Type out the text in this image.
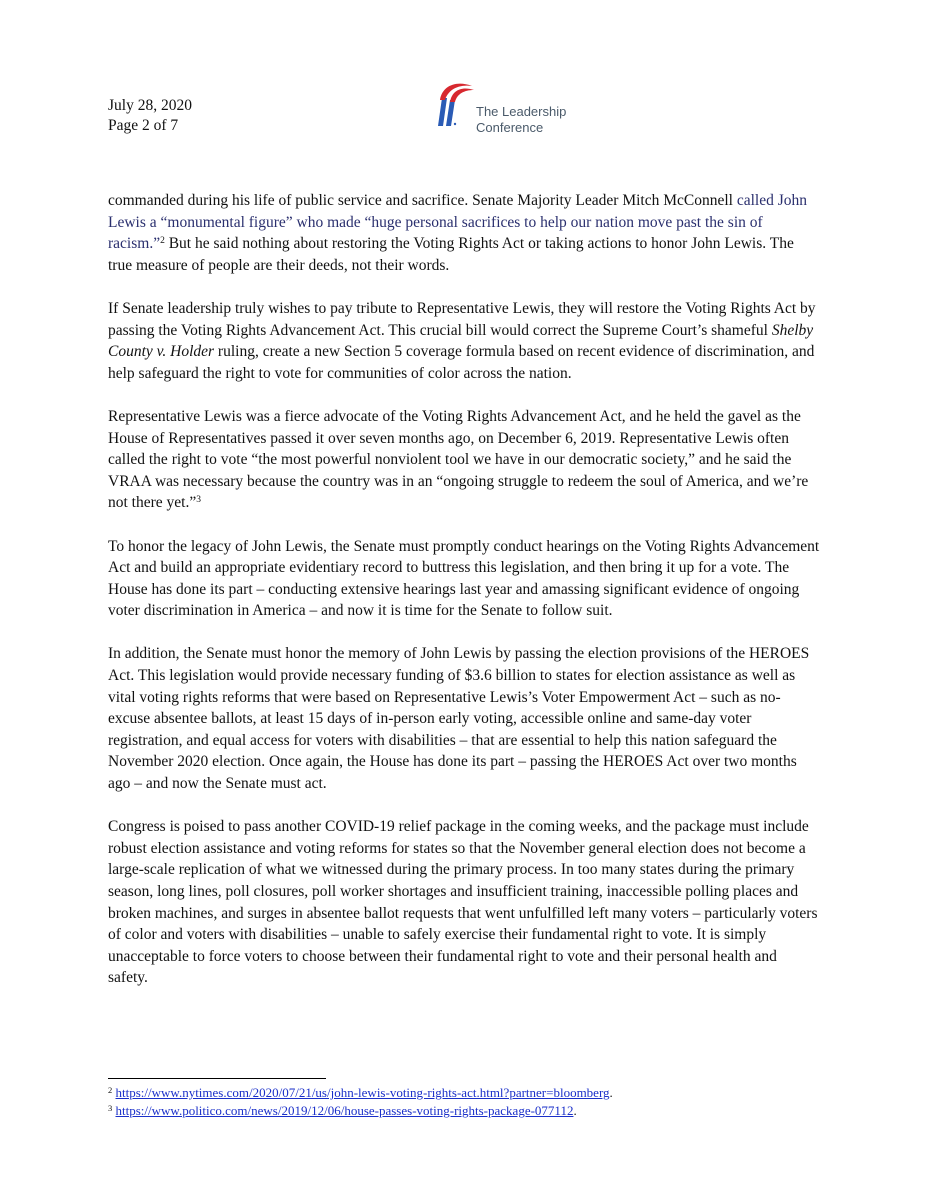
July 28, 2020
Page 2 of 7
The Leadership
Conference

commanded during his life of public service and sacrifice. Senate Majority Leader Mitch McConnell called John Lewis a “monumental figure” who made “huge personal sacrifices to help our nation move past the sin of racism.”$^2$ But he said nothing about restoring the Voting Rights Act or taking actions to honor John Lewis. The true measure of people are their deeds, not their words.

If Senate leadership truly wishes to pay tribute to Representative Lewis, they will restore the Voting Rights Act by passing the Voting Rights Advancement Act. This crucial bill would correct the Supreme Court’s shameful Shelby County v. Holder ruling, create a new Section 5 coverage formula based on recent evidence of discrimination, and help safeguard the right to vote for communities of color across the nation.

Representative Lewis was a fierce advocate of the Voting Rights Advancement Act, and he held the gavel as the House of Representatives passed it over seven months ago, on December 6, 2019. Representative Lewis often called the right to vote “the most powerful nonviolent tool we have in our democratic society,” and he said the VRAA was necessary because the country was in an “ongoing struggle to redeem the soul of America, and we’re not there yet.”$^3$

To honor the legacy of John Lewis, the Senate must promptly conduct hearings on the Voting Rights Advancement Act and build an appropriate evidentiary record to buttress this legislation, and then bring it up for a vote. The House has done its part – conducting extensive hearings last year and amassing significant evidence of ongoing voter discrimination in America – and now it is time for the Senate to follow suit.

In addition, the Senate must honor the memory of John Lewis by passing the election provisions of the HEROES Act. This legislation would provide necessary funding of $3.6 billion to states for election assistance as well as vital voting rights reforms that were based on Representative Lewis’s Voter Empowerment Act – such as no-excuse absentee ballots, at least 15 days of in-person early voting, accessible online and same-day voter registration, and equal access for voters with disabilities – that are essential to help this nation safeguard the November 2020 election. Once again, the House has done its part – passing the HEROES Act over two months ago – and now the Senate must act.

Congress is poised to pass another COVID-19 relief package in the coming weeks, and the package must include robust election assistance and voting reforms for states so that the November general election does not become a large-scale replication of what we witnessed during the primary process. In too many states during the primary season, long lines, poll closures, poll worker shortages and insufficient training, inaccessible polling places and broken machines, and surges in absentee ballot requests that went unfulfilled left many voters – particularly voters of color and voters with disabilities – unable to safely exercise their fundamental right to vote. It is simply unacceptable to force voters to choose between their fundamental right to vote and their personal health and safety.

$^2$ https://www.nytimes.com/2020/07/21/us/john-lewis-voting-rights-act.html?partner=bloomberg.
$^3$ https://www.politico.com/news/2019/12/06/house-passes-voting-rights-package-077112.
